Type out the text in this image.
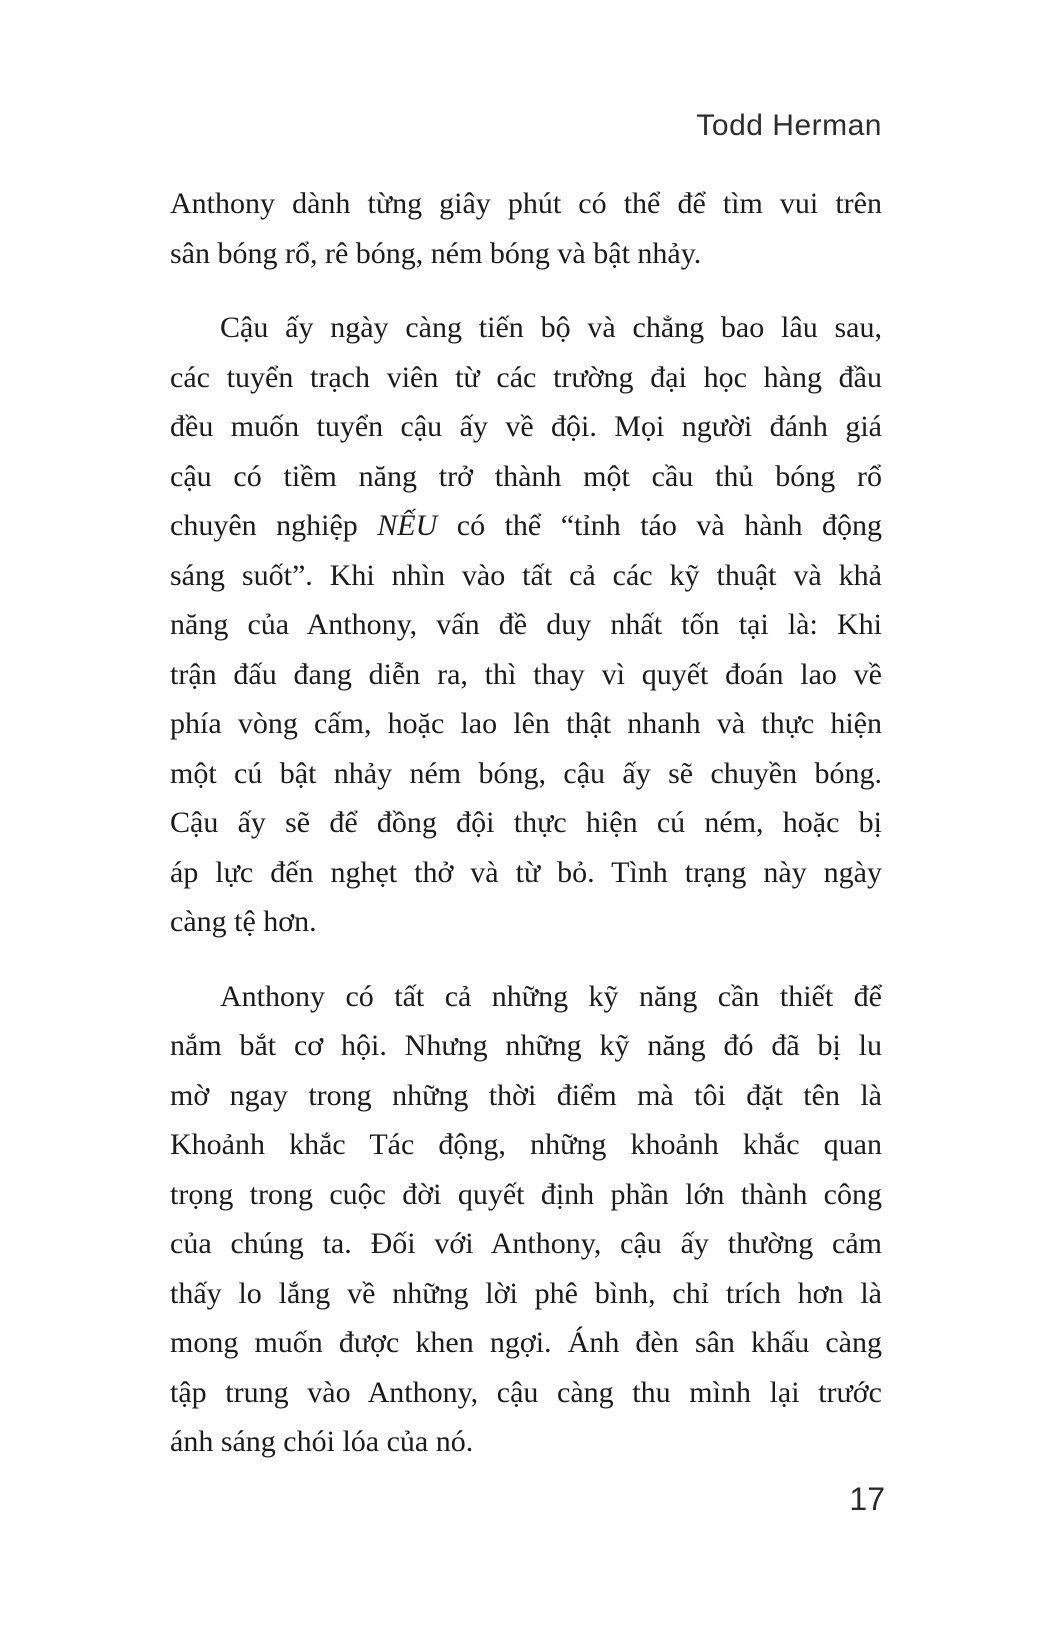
Todd Herman
Anthony dành từng giây phút có thể để tìm vui trên
sân bóng rổ, rê bóng, ném bóng và bật nhảy.
Cậu ấy ngày càng tiến bộ và chẳng bao lâu sau,
các tuyển trạch viên từ các trường đại học hàng đầu
đều muốn tuyển cậu ấy về đội. Mọi người đánh giá
cậu có tiềm năng trở thành một cầu thủ bóng rổ
chuyên nghiệp NẾU có thể “tỉnh táo và hành động
sáng suốt”. Khi nhìn vào tất cả các kỹ thuật và khả
năng của Anthony, vấn đề duy nhất tốn tại là: Khi
trận đấu đang diễn ra, thì thay vì quyết đoán lao về
phía vòng cấm, hoặc lao lên thật nhanh và thực hiện
một cú bật nhảy ném bóng, cậu ấy sẽ chuyền bóng.
Cậu ấy sẽ để đồng đội thực hiện cú ném, hoặc bị
áp lực đến nghẹt thở và từ bỏ. Tình trạng này ngày
càng tệ hơn.
Anthony có tất cả những kỹ năng cần thiết để
nắm bắt cơ hội. Nhưng những kỹ năng đó đã bị lu
mờ ngay trong những thời điểm mà tôi đặt tên là
Khoảnh khắc Tác động, những khoảnh khắc quan
trọng trong cuộc đời quyết định phần lớn thành công
của chúng ta. Đối với Anthony, cậu ấy thường cảm
thấy lo lắng về những lời phê bình, chỉ trích hơn là
mong muốn được khen ngợi. Ánh đèn sân khấu càng
tập trung vào Anthony, cậu càng thu mình lại trước
ánh sáng chói lóa của nó.
17
